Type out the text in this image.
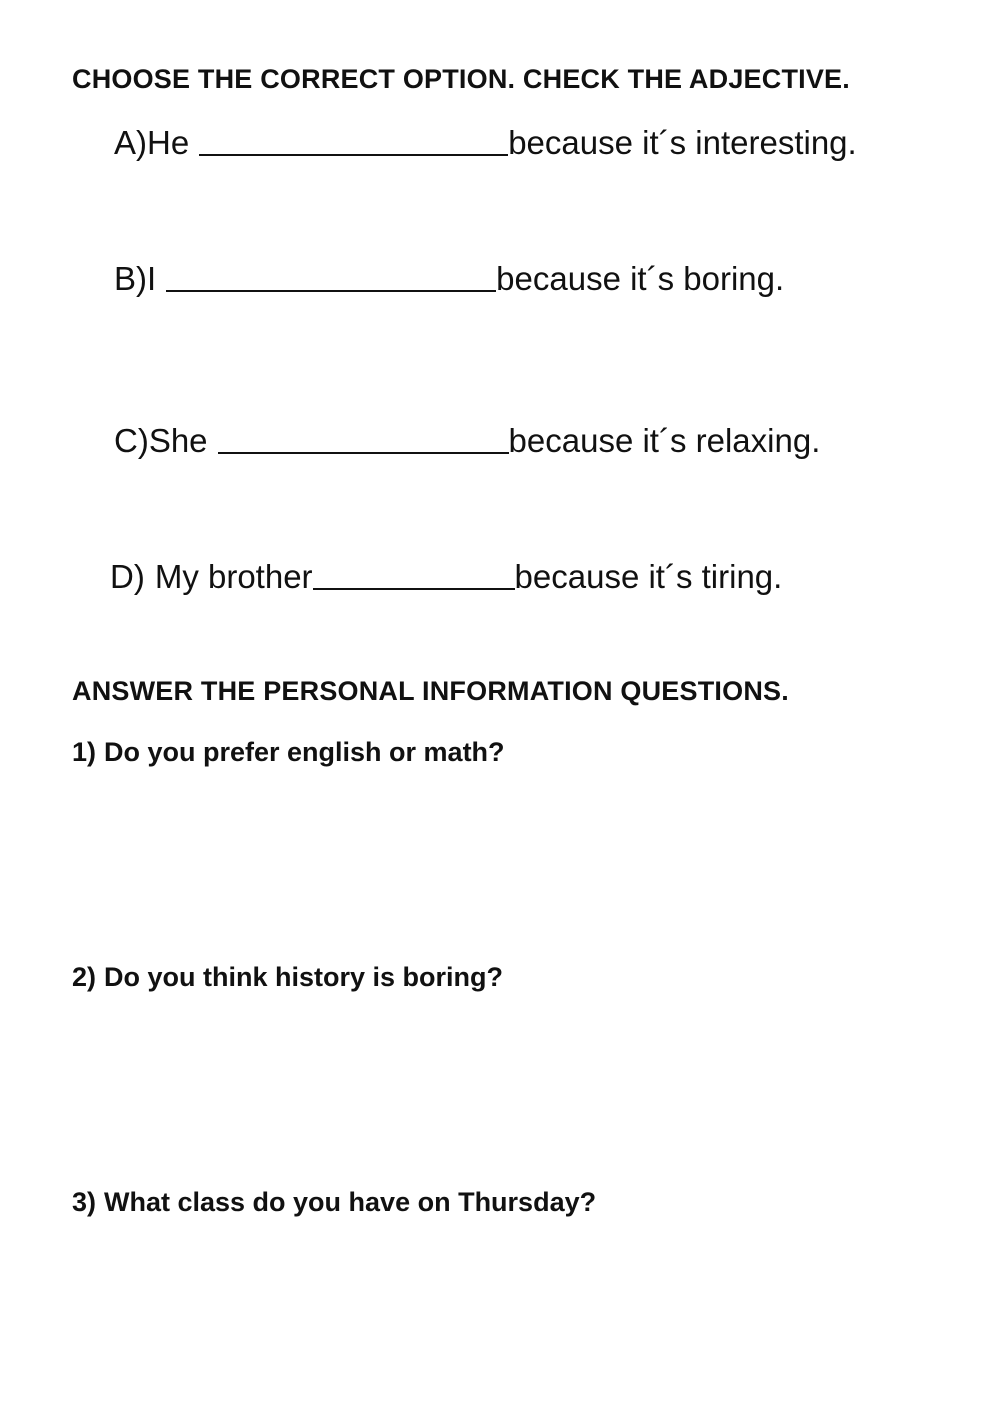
CHOOSE THE CORRECT OPTION. CHECK THE ADJECTIVE.
A)He	because it´s interesting.
B)I	because it´s boring.
C)She	because it´s relaxing.
D) My brother	because it´s tiring.
ANSWER THE PERSONAL INFORMATION QUESTIONS.
1) Do you prefer english or math?
2) Do you think history is boring?
3) What class do you have on Thursday?
